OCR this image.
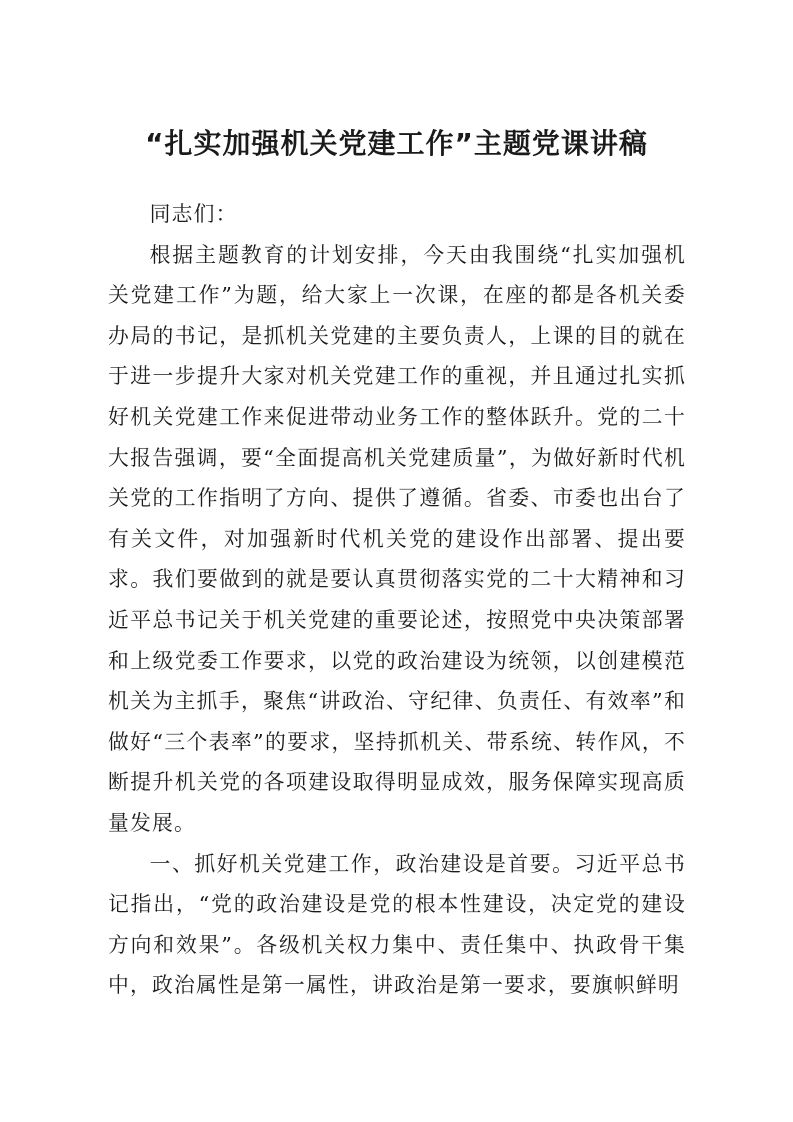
“扎实加强机关党建工作”主题党课讲稿

同志们：

根据主题教育的计划安排，今天由我围绕“扎实加强机关党建工作”为题，给大家上一次课，在座的都是各机关委办局的书记，是抓机关党建的主要负责人，上课的目的就在于进一步提升大家对机关党建工作的重视，并且通过扎实抓好机关党建工作来促进带动业务工作的整体跃升。党的二十大报告强调，要“全面提高机关党建质量”，为做好新时代机关党的工作指明了方向、提供了遵循。省委、市委也出台了有关文件，对加强新时代机关党的建设作出部署、提出要求。我们要做到的就是要认真贯彻落实党的二十大精神和习近平总书记关于机关党建的重要论述，按照党中央决策部署和上级党委工作要求，以党的政治建设为统领，以创建模范机关为主抓手，聚焦“讲政治、守纪律、负责任、有效率”和做好“三个表率”的要求，坚持抓机关、带系统、转作风，不断提升机关党的各项建设取得明显成效，服务保障实现高质量发展。

一、抓好机关党建工作，政治建设是首要。习近平总书记指出，“党的政治建设是党的根本性建设，决定党的建设方向和效果”。各级机关权力集中、责任集中、执政骨干集中，政治属性是第一属性，讲政治是第一要求，要旗帜鲜明
